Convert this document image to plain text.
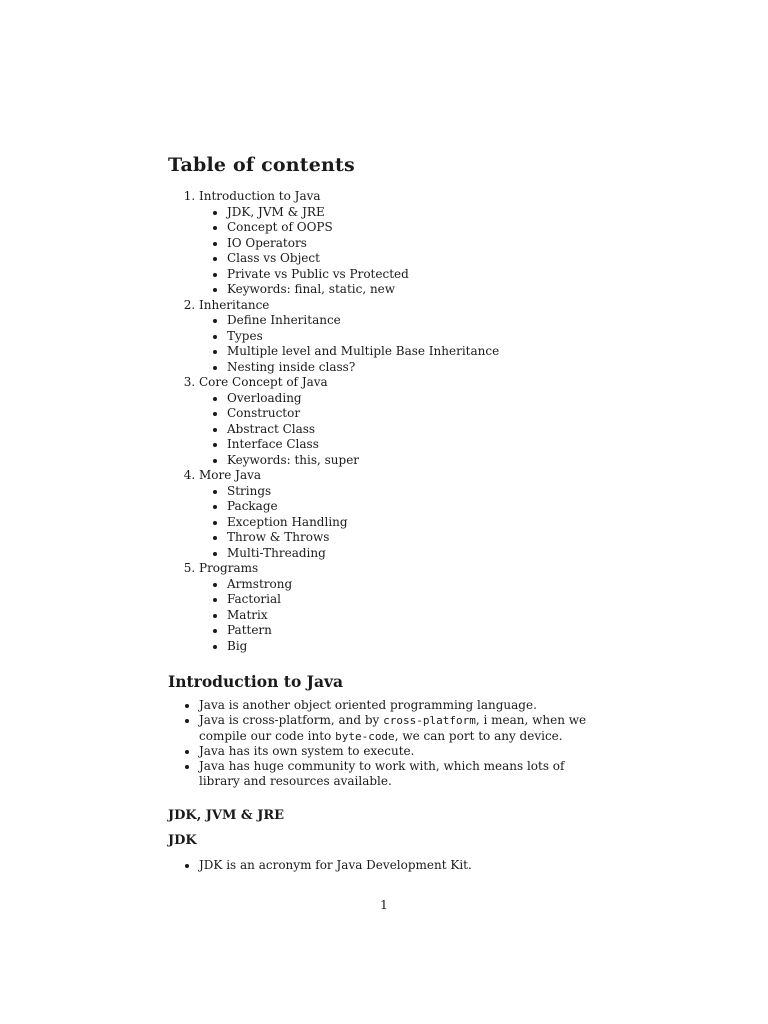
Table of contents
1. Introduction to Java
• JDK, JVM & JRE
• Concept of OOPS
• IO Operators
• Class vs Object
• Private vs Public vs Protected
• Keywords: final, static, new
2. Inheritance
• Define Inheritance
• Types
• Multiple level and Multiple Base Inheritance
• Nesting inside class?
3. Core Concept of Java
• Overloading
• Constructor
• Abstract Class
• Interface Class
• Keywords: this, super
4. More Java
• Strings
• Package
• Exception Handling
• Throw & Throws
• Multi-Threading
5. Programs
• Armstrong
• Factorial
• Matrix
• Pattern
• Big
Introduction to Java
• Java is another object oriented programming language.
• Java is cross-platform, and by cross-platform, i mean, when we compile our code into byte-code, we can port to any device.
• Java has its own system to execute.
• Java has huge community to work with, which means lots of library and resources available.
JDK, JVM & JRE
JDK
• JDK is an acronym for Java Development Kit.
1
